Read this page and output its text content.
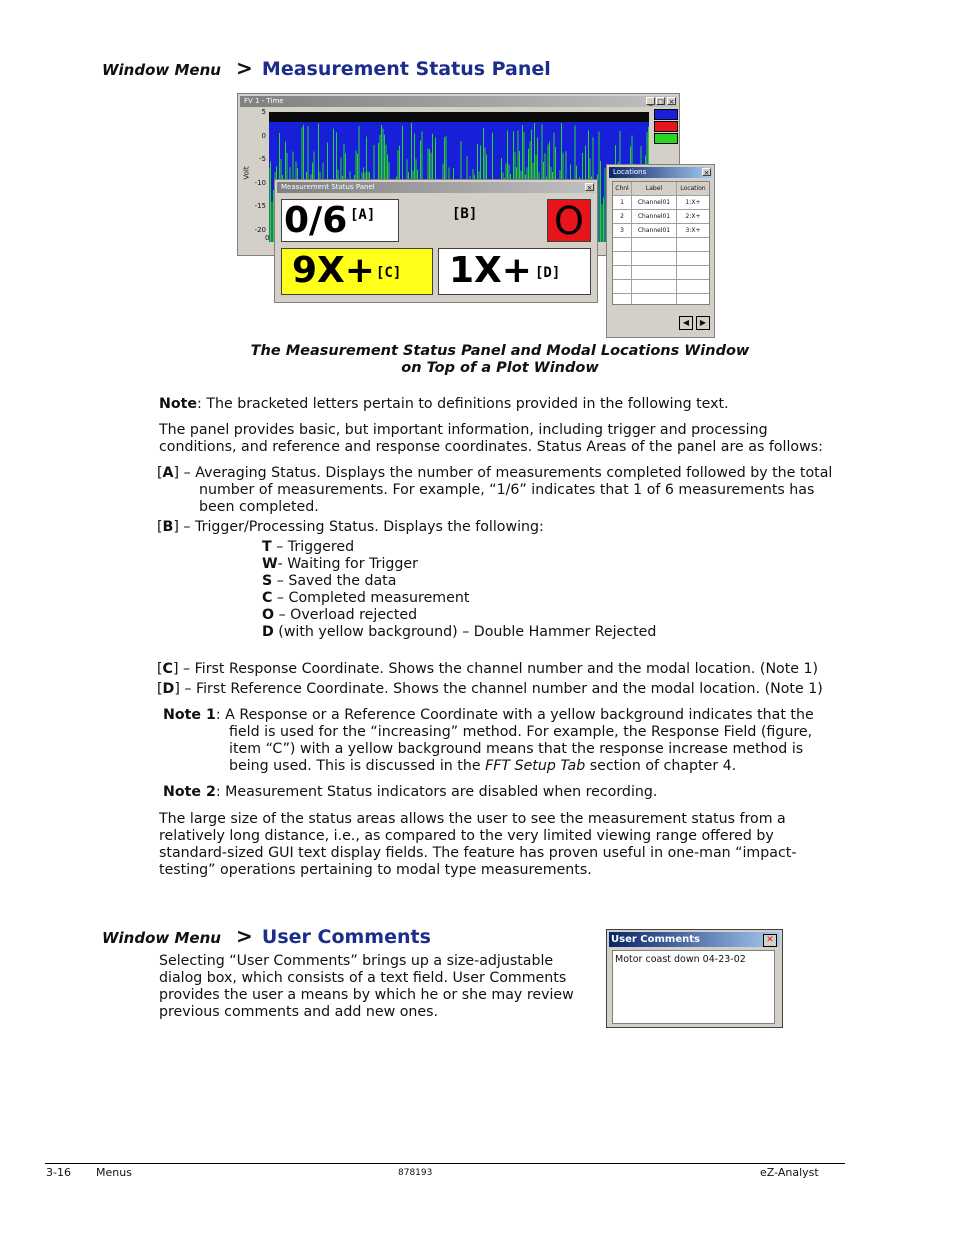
Window Menu > Measurement Status Panel
FV 1 - Time	_ □ ×
5
0
-5
-10
-15
-20
Volt
0
Measurement Status Panel	×
0/6 [A]	[B] O
9X+ [C] 1X+ [D]
Locations	×
Chnl	Label	Location
1	Channel01	1:X+
2	Channel01	2:X+
3	Channel01	3:X+
◀	▶
The Measurement Status Panel and Modal Locations Window
on Top of a Plot Window

Note: The bracketed letters pertain to definitions provided in the following text.

The panel provides basic, but important information, including trigger and processing
conditions, and reference and response coordinates. Status Areas of the panel are as follows:
[A] – Averaging Status. Displays the number of measurements completed followed by the total
number of measurements. For example, “1/6” indicates that 1 of 6 measurements has
been completed.
[B] – Trigger/Processing Status. Displays the following:
T – Triggered
W- Waiting for Trigger
S – Saved the data
C – Completed measurement
O – Overload rejected
D (with yellow background) – Double Hammer Rejected
[C] – First Response Coordinate. Shows the channel number and the modal location. (Note 1)
[D] – First Reference Coordinate. Shows the channel number and the modal location. (Note 1)
Note 1: A Response or a Reference Coordinate with a yellow background indicates that the
field is used for the “increasing” method. For example, the Response Field (figure,
item “C”) with a yellow background means that the response increase method is
being used. This is discussed in the FFT Setup Tab section of chapter 4.

Note 2: Measurement Status indicators are disabled when recording.

The large size of the status areas allows the user to see the measurement status from a
relatively long distance, i.e., as compared to the very limited viewing range offered by
standard-sized GUI text display fields. The feature has proven useful in one-man “impact-
testing” operations pertaining to modal type measurements.
Window Menu > User Comments
Selecting “User Comments” brings up a size-adjustable
dialog box, which consists of a text field. User Comments
provides the user a means by which he or she may review
previous comments and add new ones.
User Comments	✕
Motor coast down 04-23-02
3-16 Menus	878193	eZ-Analyst
